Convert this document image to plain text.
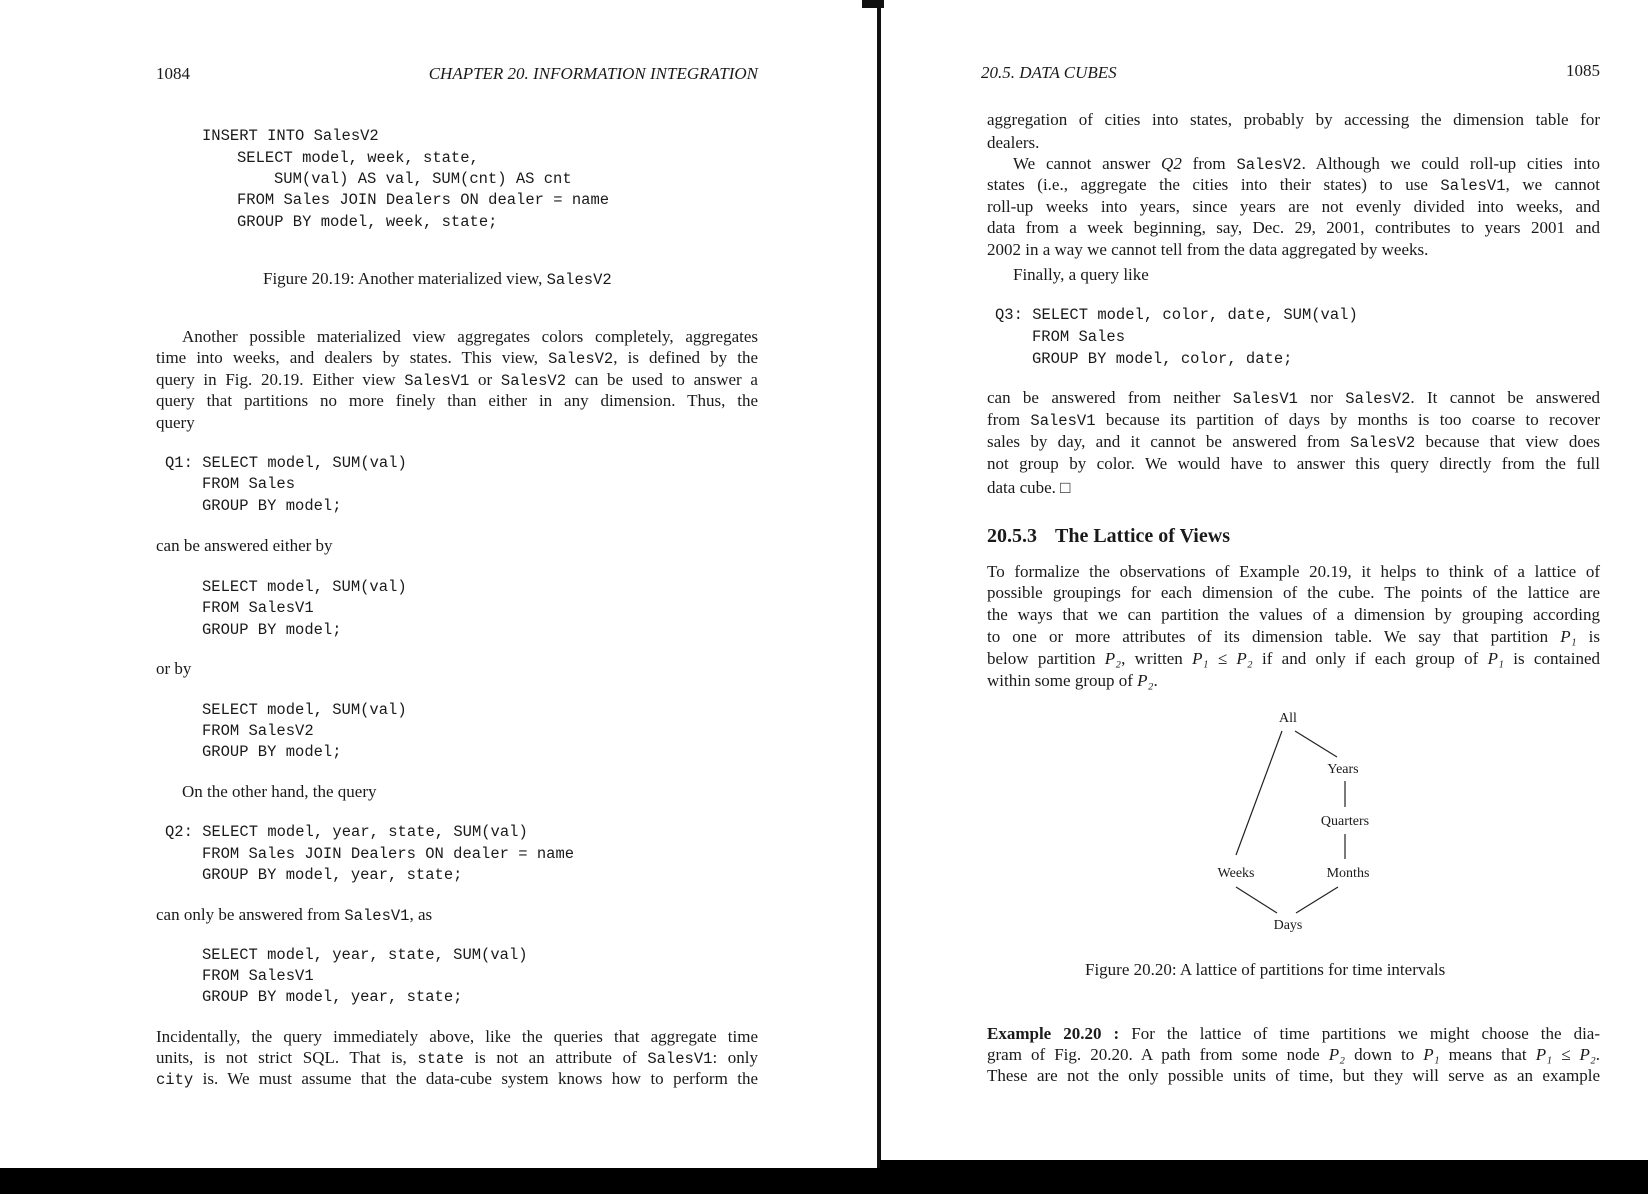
1084	CHAPTER 20. INFORMATION INTEGRATION
INSERT INTO SalesV2
SELECT model, week, state,
SUM(val) AS val, SUM(cnt) AS cnt
FROM Sales JOIN Dealers ON dealer = name
GROUP BY model, week, state;
Figure 20.19: Another materialized view, SalesV2
Another possible materialized view aggregates colors completely, aggregates
time into weeks, and dealers by states. This view, SalesV2, is defined by the
query in Fig. 20.19. Either view SalesV1 or SalesV2 can be used to answer a
query that partitions no more finely than either in any dimension. Thus, the
query
Q1: SELECT model, SUM(val)
FROM Sales
GROUP BY model;
can be answered either by
SELECT model, SUM(val)
FROM SalesV1
GROUP BY model;
or by
SELECT model, SUM(val)
FROM SalesV2
GROUP BY model;
On the other hand, the query
Q2: SELECT model, year, state, SUM(val)
FROM Sales JOIN Dealers ON dealer = name
GROUP BY model, year, state;
can only be answered from SalesV1, as
SELECT model, year, state, SUM(val)
FROM SalesV1
GROUP BY model, year, state;
Incidentally, the query immediately above, like the queries that aggregate time
units, is not strict SQL. That is, state is not an attribute of SalesV1: only
city is. We must assume that the data-cube system knows how to perform the
20.5. DATA CUBES	1085
aggregation of cities into states, probably by accessing the dimension table for
dealers.
We cannot answer Q2 from SalesV2. Although we could roll-up cities into
states (i.e., aggregate the cities into their states) to use SalesV1, we cannot
roll-up weeks into years, since years are not evenly divided into weeks, and
data from a week beginning, say, Dec. 29, 2001, contributes to years 2001 and
2002 in a way we cannot tell from the data aggregated by weeks.
Finally, a query like
Q3: SELECT model, color, date, SUM(val)
FROM Sales
GROUP BY model, color, date;
can be answered from neither SalesV1 nor SalesV2. It cannot be answered
from SalesV1 because its partition of days by months is too coarse to recover
sales by day, and it cannot be answered from SalesV2 because that view does
not group by color. We would have to answer this query directly from the full
data cube. □
20.5.3 The Lattice of Views
To formalize the observations of Example 20.19, it helps to think of a lattice of
possible groupings for each dimension of the cube. The points of the lattice are
the ways that we can partition the values of a dimension by grouping according
to one or more attributes of its dimension table. We say that partition P₁ is
below partition P₂, written P₁ ≤ P₂ if and only if each group of P₁ is contained
within some group of P₂.
All
Years
Quarters
Weeks	Months
Days
Figure 20.20: A lattice of partitions for time intervals
Example 20.20 : For the lattice of time partitions we might choose the dia-
gram of Fig. 20.20. A path from some node P₂ down to P₁ means that P₁ ≤ P₂.
These are not the only possible units of time, but they will serve as an example
